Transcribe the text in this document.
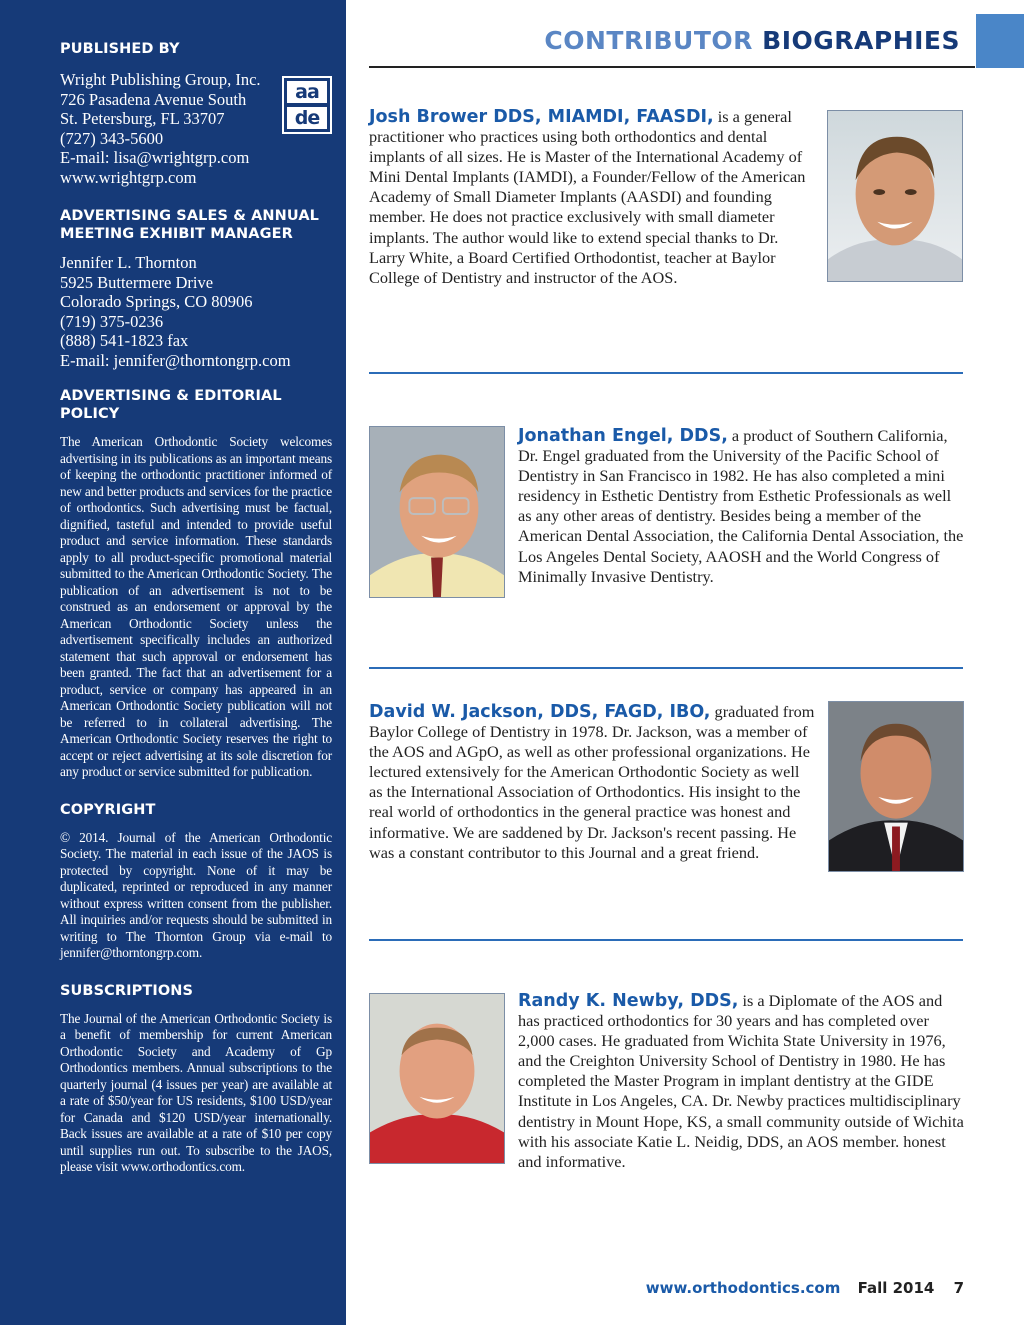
PUBLISHED BY
Wright Publishing Group, Inc.
726 Pasadena Avenue South
St. Petersburg, FL 33707
(727) 343-5600
E-mail: lisa@wrightgrp.com
www.wrightgrp.com
aa
de
ADVERTISING SALES & ANNUAL
MEETING EXHIBIT MANAGER
Jennifer L. Thornton
5925 Buttermere Drive
Colorado Springs, CO 80906
(719) 375-0236
(888) 541-1823 fax
E-mail: jennifer@thorntongrp.com
ADVERTISING & EDITORIAL POLICY

The American Orthodontic Society welcomes advertising in its publications as an important means of keeping the orthodontic practitioner informed of new and better products and services for the practice of orthodontics. Such advertising must be factual, dignified, tasteful and intended to provide useful product and service information. These standards apply to all product-specific promotional material submitted to the American Orthodontic Society. The publication of an advertisement is not to be construed as an endorsement or approval by the American Orthodontic Society unless the advertisement specifically includes an authorized statement that such approval or endorsement has been granted. The fact that an advertisement for a product, service or company has appeared in an American Orthodontic Society publication will not be referred to in collateral advertising. The American Orthodontic Society reserves the right to accept or reject advertising at its sole discretion for any product or service submitted for publication.

COPYRIGHT

© 2014. Journal of the American Orthodontic Society. The material in each issue of the JAOS is protected by copyright. None of it may be duplicated, reprinted or reproduced in any manner without express written consent from the publisher. All inquiries and/or requests should be submitted in writing to The Thornton Group via e-mail to jennifer@thorntongrp.com.

SUBSCRIPTIONS

The Journal of the American Orthodontic Society is a benefit of membership for current American Orthodontic Society and Academy of Gp Orthodontics members. Annual subscriptions to the quarterly journal (4 issues per year) are available at a rate of $50/year for US residents, $100 USD/year for Canada and $120 USD/year internationally. Back issues are available at a rate of $10 per copy until supplies run out. To subscribe to the JAOS, please visit www.orthodontics.com.

CONTRIBUTOR BIOGRAPHIES

Josh Brower DDS, MIAMDI, FAASDI, is a general practitioner who practices using both orthodontics and dental implants of all sizes. He is Master of the International Academy of Mini Dental Implants (IAMDI), a Founder/Fellow of the American Academy of Small Diameter Implants (AASDI) and founding member. He does not practice exclusively with small diameter implants. The author would like to extend special thanks to Dr. Larry White, a Board Certified Orthodontist, teacher at Baylor College of Dentistry and instructor of the AOS.

Jonathan Engel, DDS, a product of Southern California, Dr. Engel graduated from the University of the Pacific School of Dentistry in San Francisco in 1982. He has also completed a mini residency in Esthetic Dentistry from Esthetic Professionals as well as any other areas of dentistry. Besides being a member of the American Dental Association, the California Dental Association, the Los Angeles Dental Society, AAOSH and the World Congress of Minimally Invasive Dentistry.

David W. Jackson, DDS, FAGD, IBO, graduated from Baylor College of Dentistry in 1978. Dr. Jackson, was a member of the AOS and AGpO, as well as other professional organizations. He lectured extensively for the American Orthodontic Society as well as the International Association of Orthodontics. His insight to the real world of orthodontics in the general practice was honest and informative. We are saddened by Dr. Jackson's recent passing. He was a constant contributor to this Journal and a great friend.

Randy K. Newby, DDS, is a Diplomate of the AOS and has practiced orthodontics for 30 years and has completed over 2,000 cases. He graduated from Wichita State University in 1976, and the Creighton University School of Dentistry in 1980. He has completed the Master Program in implant dentistry at the GIDE Institute in Los Angeles, CA. Dr. Newby practices multidisciplinary dentistry in Mount Hope, KS, a small community outside of Wichita with his associate Katie L. Neidig, DDS, an AOS member. honest and informative.

www.orthodontics.com Fall 2014 7
